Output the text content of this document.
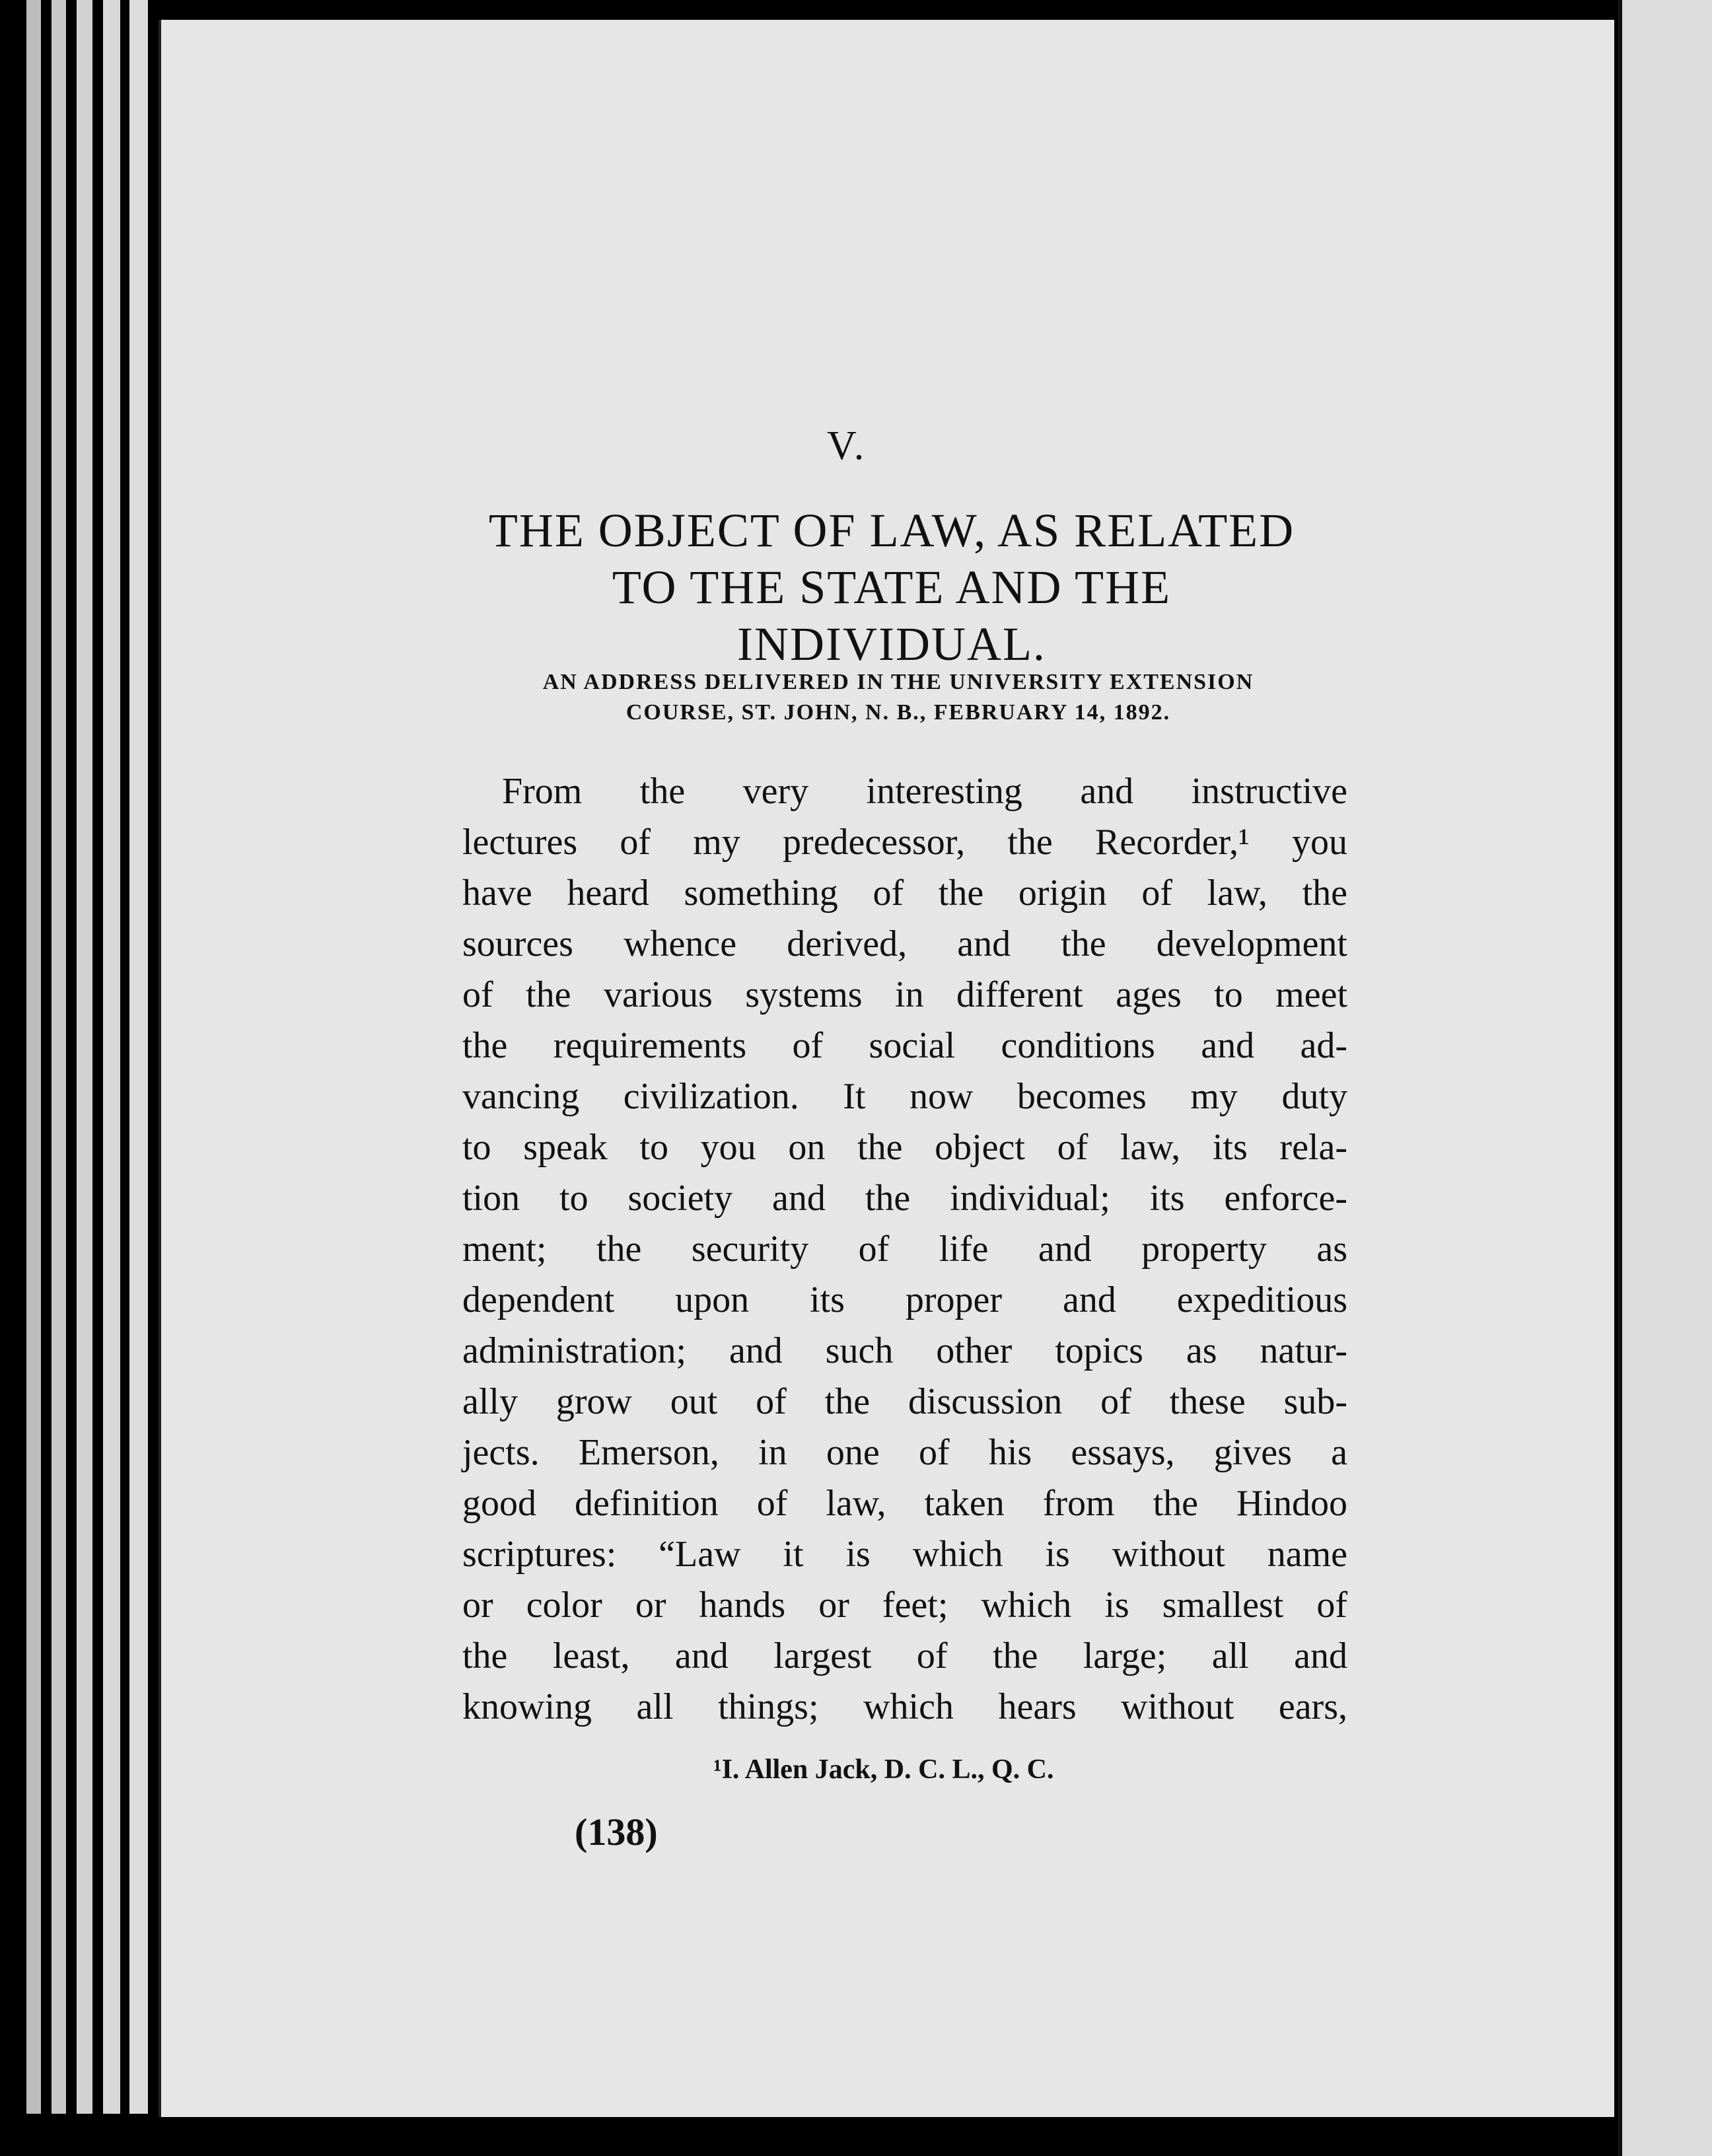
V.
THE OBJECT OF LAW, AS RELATED
TO THE STATE AND THE
INDIVIDUAL.
AN ADDRESS DELIVERED IN THE UNIVERSITY EXTENSION
COURSE, ST. JOHN, N. B., FEBRUARY 14, 1892.
From the very interesting and instructive
lectures of my predecessor, the Recorder,¹ you
have heard something of the origin of law, the
sources whence derived, and the development
of the various systems in different ages to meet
the requirements of social conditions and ad-
vancing civilization. It now becomes my duty
to speak to you on the object of law, its rela-
tion to society and the individual; its enforce-
ment; the security of life and property as
dependent upon its proper and expeditious
administration; and such other topics as natur-
ally grow out of the discussion of these sub-
jects. Emerson, in one of his essays, gives a
good definition of law, taken from the Hindoo
scriptures: “Law it is which is without name
or color or hands or feet; which is smallest of
the least, and largest of the large; all and
knowing all things; which hears without ears,
¹I. Allen Jack, D. C. L., Q. C.
(138)
